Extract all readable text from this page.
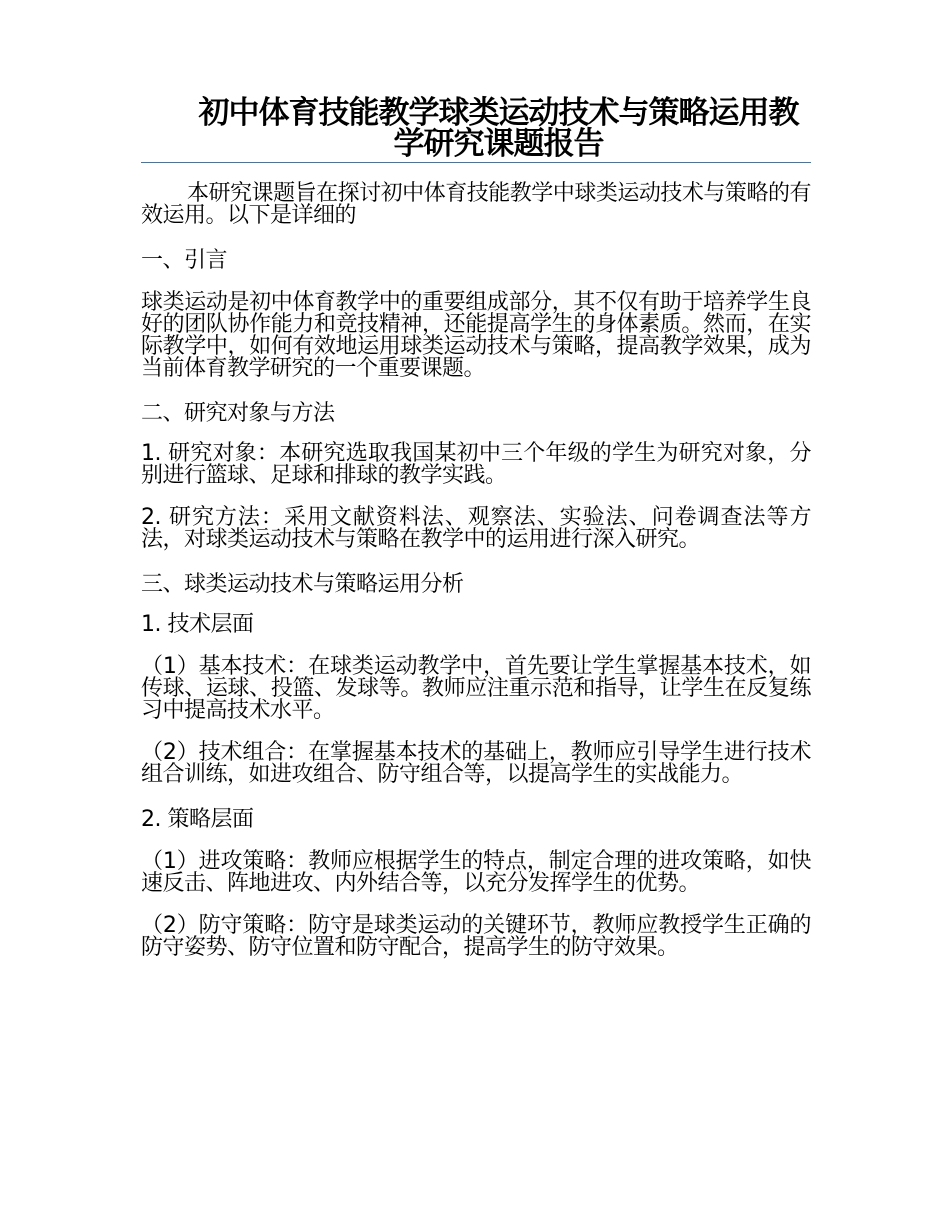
初中体育技能教学球类运动技术与策略运用教学研究课题报告

本研究课题旨在探讨初中体育技能教学中球类运动技术与策略的有效运用。以下是详细的

一、引言

球类运动是初中体育教学中的重要组成部分，其不仅有助于培养学生良好的团队协作能力和竞技精神，还能提高学生的身体素质。然而，在实际教学中，如何有效地运用球类运动技术与策略，提高教学效果，成为当前体育教学研究的一个重要课题。

二、研究对象与方法

1. 研究对象：本研究选取我国某初中三个年级的学生为研究对象，分别进行篮球、足球和排球的教学实践。

2. 研究方法：采用文献资料法、观察法、实验法、问卷调查法等方法，对球类运动技术与策略在教学中的运用进行深入研究。

三、球类运动技术与策略运用分析

1. 技术层面

（1）基本技术：在球类运动教学中，首先要让学生掌握基本技术，如传球、运球、投篮、发球等。教师应注重示范和指导，让学生在反复练习中提高技术水平。

（2）技术组合：在掌握基本技术的基础上，教师应引导学生进行技术组合训练，如进攻组合、防守组合等，以提高学生的实战能力。

2. 策略层面

（1）进攻策略：教师应根据学生的特点，制定合理的进攻策略，如快速反击、阵地进攻、内外结合等，以充分发挥学生的优势。

（2）防守策略：防守是球类运动的关键环节，教师应教授学生正确的防守姿势、防守位置和防守配合，提高学生的防守效果。
